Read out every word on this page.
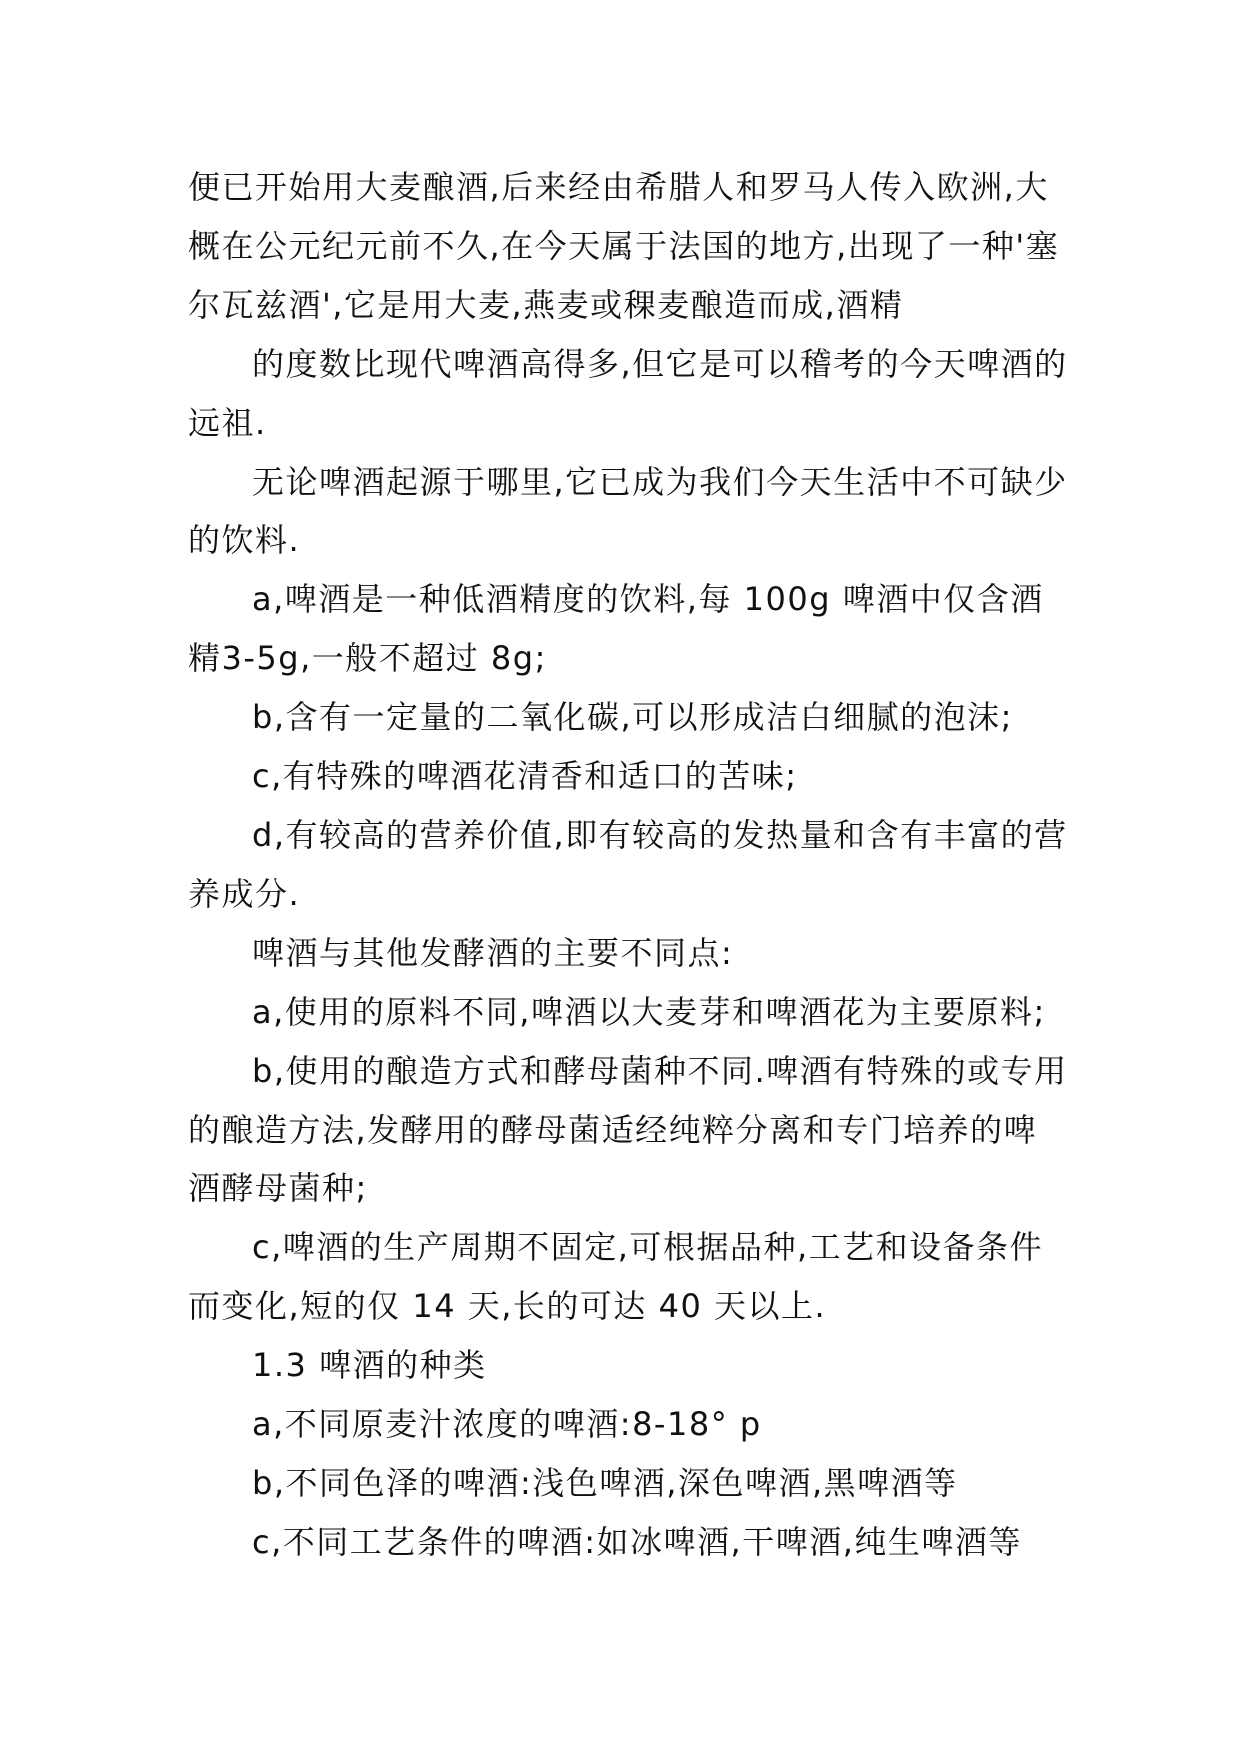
便已开始用大麦酿酒,后来经由希腊人和罗马人传入欧洲,大概在公元纪元前不久,在今天属于法国的地方,出现了一种'塞尔瓦兹酒',它是用大麦,燕麦或稞麦酿造而成,酒精

的度数比现代啤酒高得多,但它是可以稽考的今天啤酒的远祖.

无论啤酒起源于哪里,它已成为我们今天生活中不可缺少的饮料.

a,啤酒是一种低酒精度的饮料,每 100g 啤酒中仅含酒精3-5g,一般不超过 8g;

b,含有一定量的二氧化碳,可以形成洁白细腻的泡沫;

c,有特殊的啤酒花清香和适口的苦味;

d,有较高的营养价值,即有较高的发热量和含有丰富的营养成分.

啤酒与其他发酵酒的主要不同点:

a,使用的原料不同,啤酒以大麦芽和啤酒花为主要原料;

b,使用的酿造方式和酵母菌种不同.啤酒有特殊的或专用的酿造方法,发酵用的酵母菌适经纯粹分离和专门培养的啤酒酵母菌种;

c,啤酒的生产周期不固定,可根据品种,工艺和设备条件而变化,短的仅 14 天,长的可达 40 天以上.

1.3 啤酒的种类

a,不同原麦汁浓度的啤酒:8-18° p

b,不同色泽的啤酒:浅色啤酒,深色啤酒,黑啤酒等

c,不同工艺条件的啤酒:如冰啤酒,干啤酒,纯生啤酒等
